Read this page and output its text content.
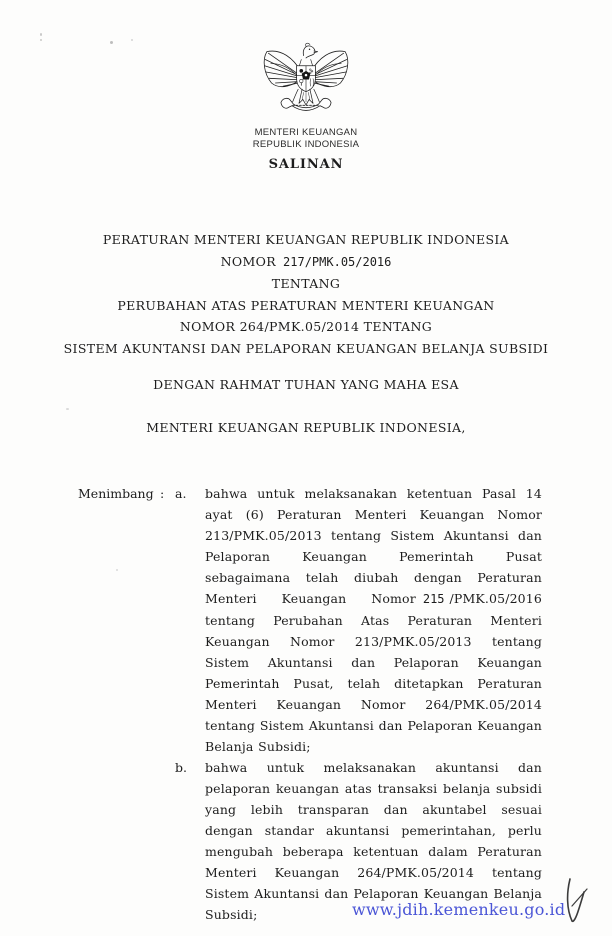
MENTERI KEUANGAN
REPUBLIK INDONESIA
SALINAN
PERATURAN MENTERI KEUANGAN REPUBLIK INDONESIA
NOMOR 217/PMK.05/2016
TENTANG
PERUBAHAN ATAS PERATURAN MENTERI KEUANGAN
NOMOR 264/PMK.05/2014 TENTANG
SISTEM AKUNTANSI DAN PELAPORAN KEUANGAN BELANJA SUBSIDI
DENGAN RAHMAT TUHAN YANG MAHA ESA
MENTERI KEUANGAN REPUBLIK INDONESIA,
Menimbang : a.	bahwa untuk melaksanakan ketentuan Pasal 14 ayat (6) Peraturan Menteri Keuangan Nomor 213/PMK.05/2013 tentang Sistem Akuntansi dan Pelaporan Keuangan Pemerintah Pusat sebagaimana telah diubah dengan Peraturan Menteri Keuangan Nomor 215 /PMK.05/2016 tentang Perubahan Atas Peraturan Menteri Keuangan Nomor 213/PMK.05/2013 tentang Sistem Akuntansi dan Pelaporan Keuangan Pemerintah Pusat, telah ditetapkan Peraturan Menteri Keuangan Nomor 264/PMK.05/2014 tentang Sistem Akuntansi dan Pelaporan Keuangan Belanja Subsidi;

b.	bahwa untuk melaksanakan akuntansi dan pelaporan keuangan atas transaksi belanja subsidi yang lebih transparan dan akuntabel sesuai dengan standar akuntansi pemerintahan, perlu mengubah beberapa ketentuan dalam Peraturan Menteri Keuangan 264/PMK.05/2014 tentang Sistem Akuntansi dan Pelaporan Keuangan Belanja Subsidi;	www.jdih.kemenkeu.go.id
